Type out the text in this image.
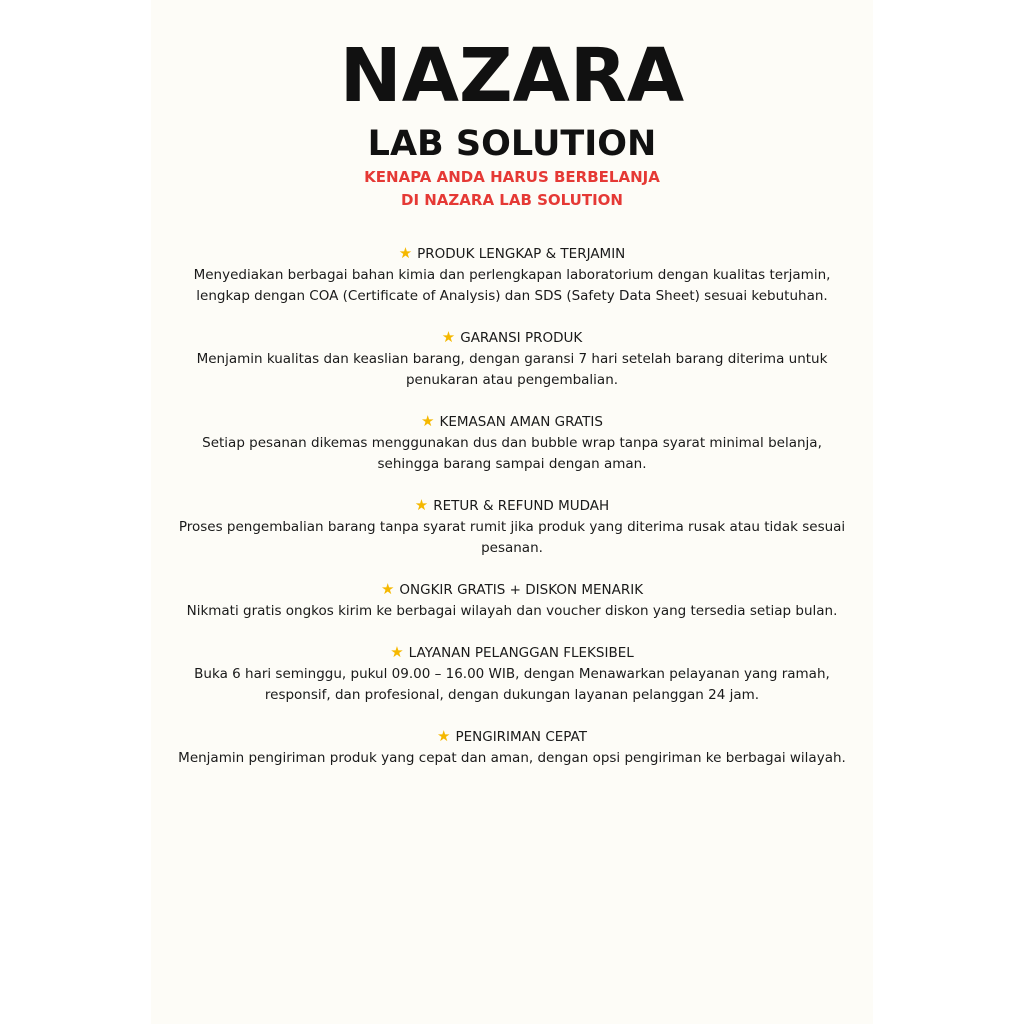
NAZARA
LAB SOLUTION
KENAPA ANDA HARUS BERBELANJA
DI NAZARA LAB SOLUTION
★ PRODUK LENGKAP & TERJAMIN
Menyediakan berbagai bahan kimia dan perlengkapan laboratorium dengan kualitas terjamin,
lengkap dengan COA (Certificate of Analysis) dan SDS (Safety Data Sheet) sesuai kebutuhan.
★ GARANSI PRODUK
Menjamin kualitas dan keaslian barang, dengan garansi 7 hari setelah barang diterima untuk
penukaran atau pengembalian.
★ KEMASAN AMAN GRATIS
Setiap pesanan dikemas menggunakan dus dan bubble wrap tanpa syarat minimal belanja,
sehingga barang sampai dengan aman.
★ RETUR & REFUND MUDAH
Proses pengembalian barang tanpa syarat rumit jika produk yang diterima rusak atau tidak sesuai
pesanan.
★ ONGKIR GRATIS + DISKON MENARIK
Nikmati gratis ongkos kirim ke berbagai wilayah dan voucher diskon yang tersedia setiap bulan.
★ LAYANAN PELANGGAN FLEKSIBEL
Buka 6 hari seminggu, pukul 09.00 – 16.00 WIB, dengan Menawarkan pelayanan yang ramah,
responsif, dan profesional, dengan dukungan layanan pelanggan 24 jam.
★ PENGIRIMAN CEPAT
Menjamin pengiriman produk yang cepat dan aman, dengan opsi pengiriman ke berbagai wilayah.
